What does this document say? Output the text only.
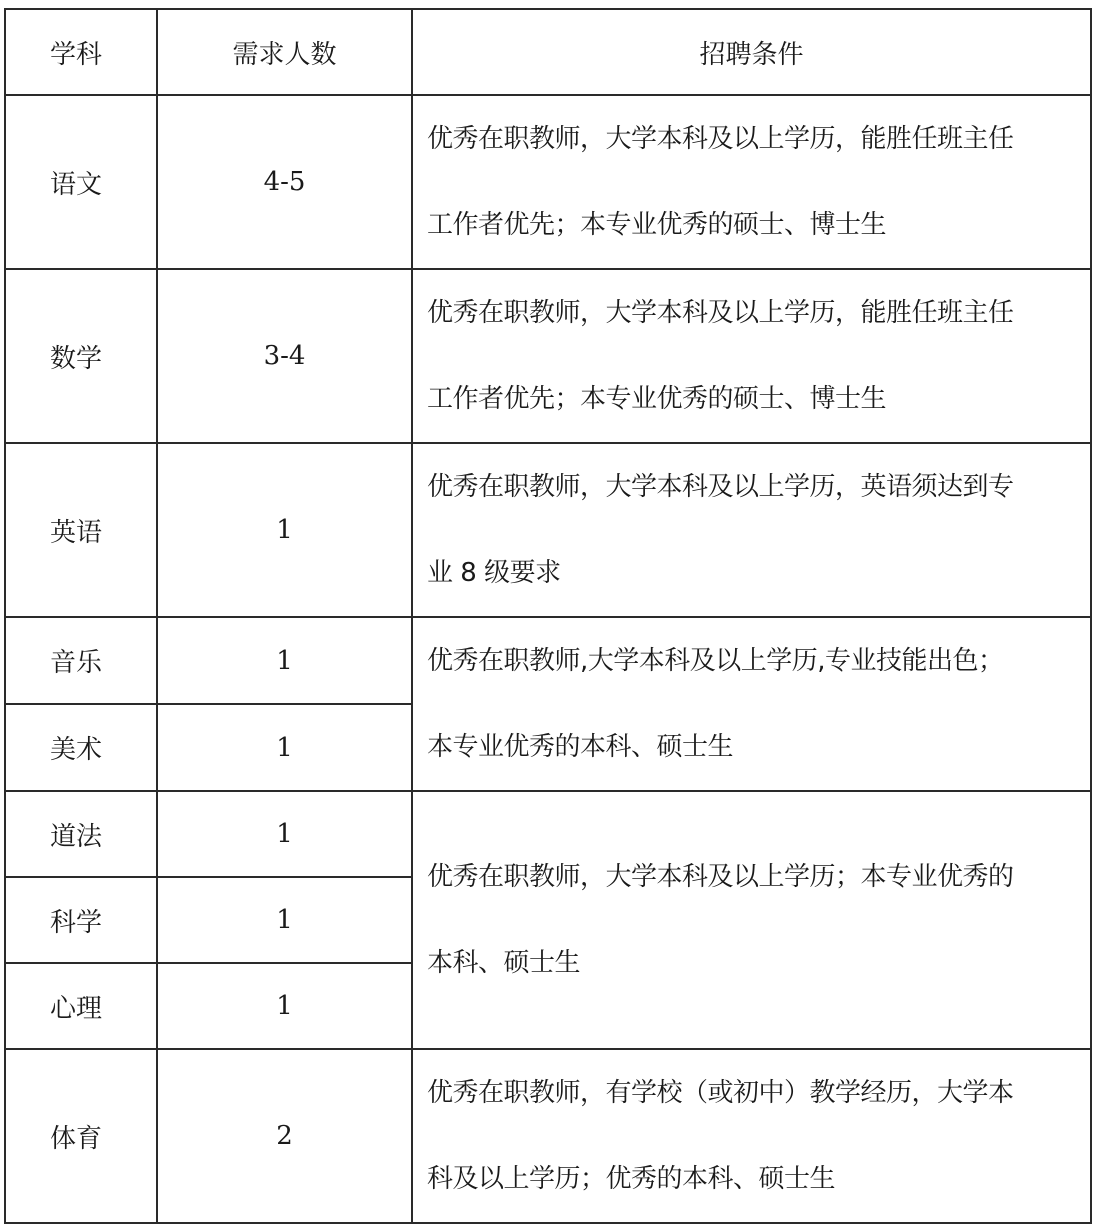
学科	需求人数	招聘条件
语文	4-5	优秀在职教师，大学本科及以上学历，能胜任班主任
工作者优先；本专业优秀的硕士、博士生

数学	3-4	优秀在职教师，大学本科及以上学历，能胜任班主任
工作者优先；本专业优秀的硕士、博士生

英语	1	优秀在职教师，大学本科及以上学历，英语须达到专
业 8 级要求

音乐	1	优秀在职教师,大学本科及以上学历,专业技能出色；
本专业优秀的本科、硕士生

美术	1	
道法	1	优秀在职教师，大学本科及以上学历；本专业优秀的
本科、硕士生

科学	1	
心理	1	
体育	2	优秀在职教师，有学校（或初中）教学经历，大学本
科及以上学历；优秀的本科、硕士生
